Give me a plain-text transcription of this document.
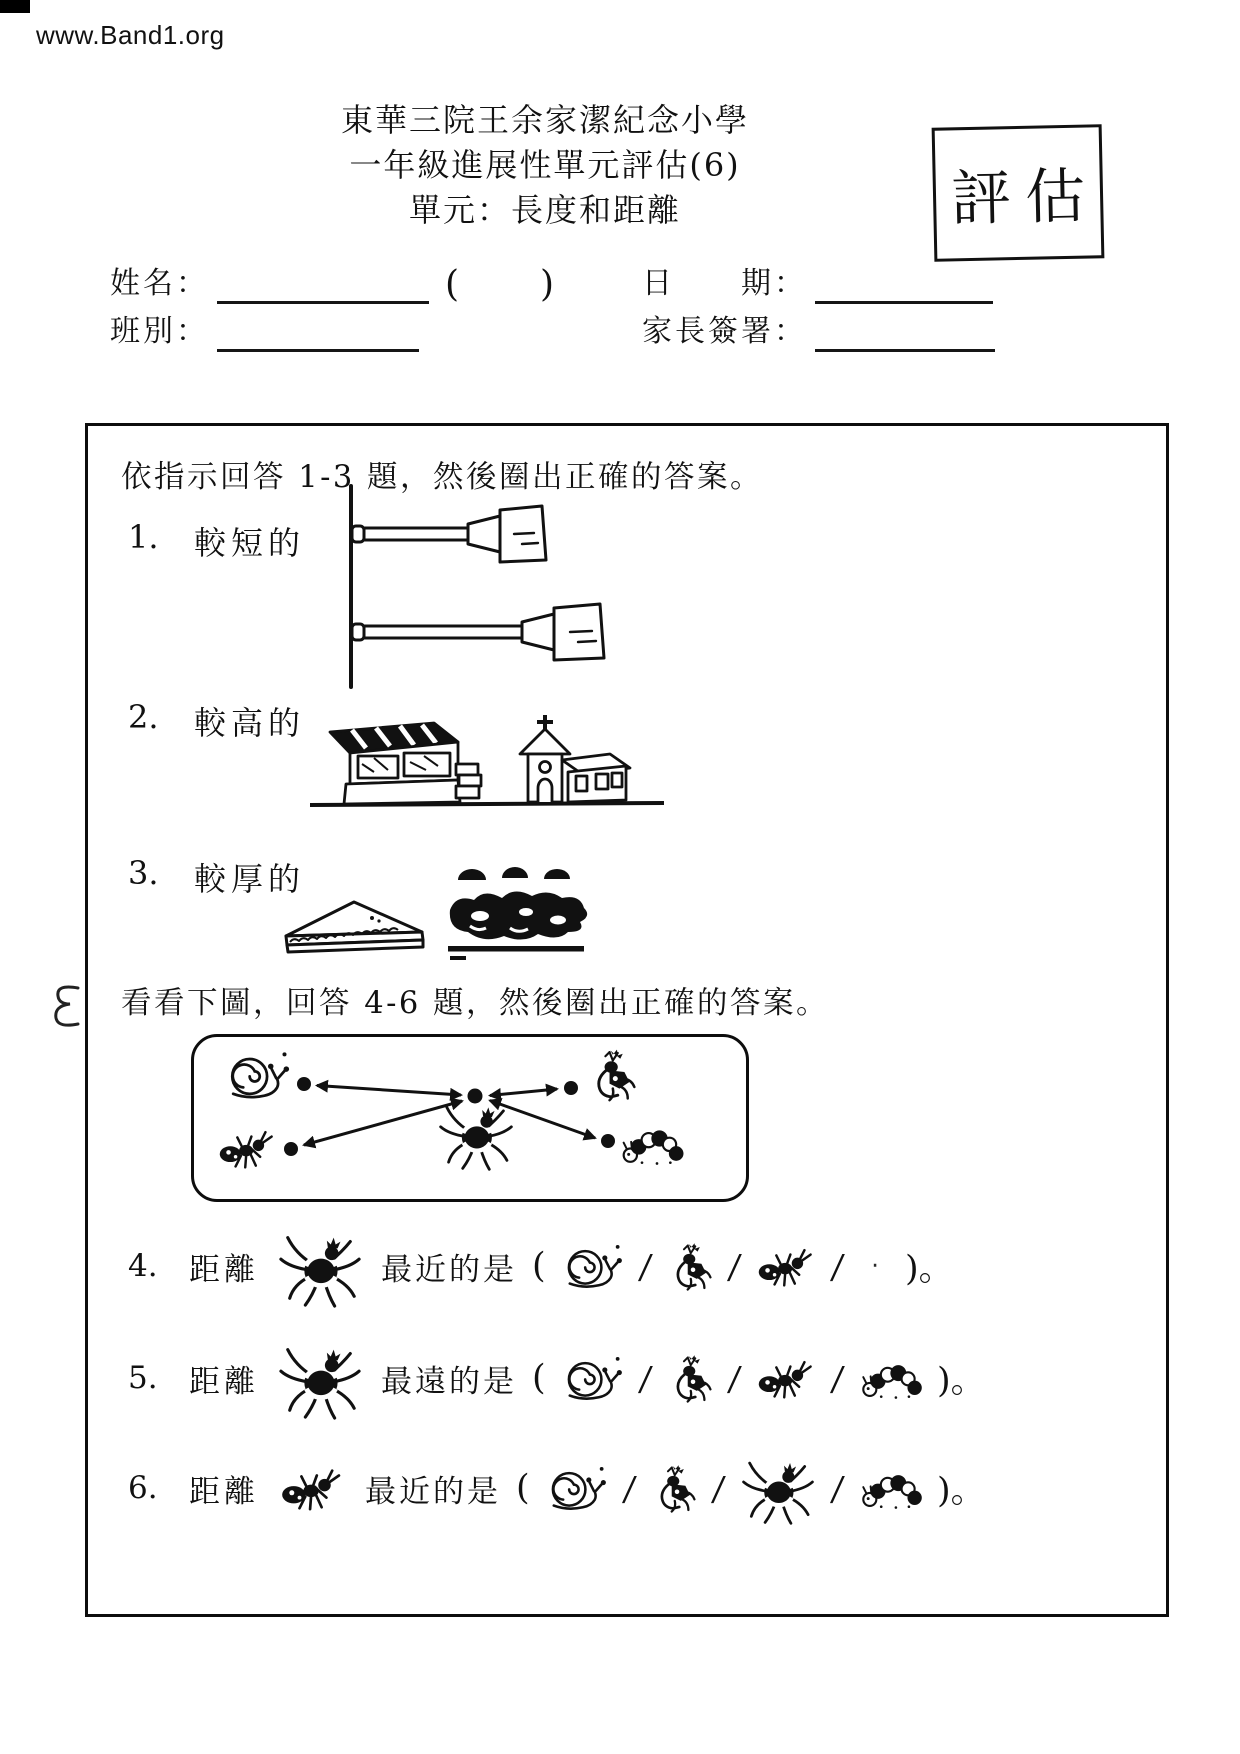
www.Band1.org
東華三院王余家潔紀念小學
一年級進展性單元評估(6)
單元：長度和距離	評估
姓名：	( )
班別：
日　　期：
家長簽署：
依指示回答 1-3 題，然後圈出正確的答案。
1. 較短的
2. 較高的
3. 較厚的
看看下圖，回答 4-6 題，然後圈出正確的答案。
4.	距離	最近的是 (	/ /	/	‧ )。
5.	距離	最遠的是 (	/ /	/	)。
6.	距離	最近的是 (	/ /	/	)。
